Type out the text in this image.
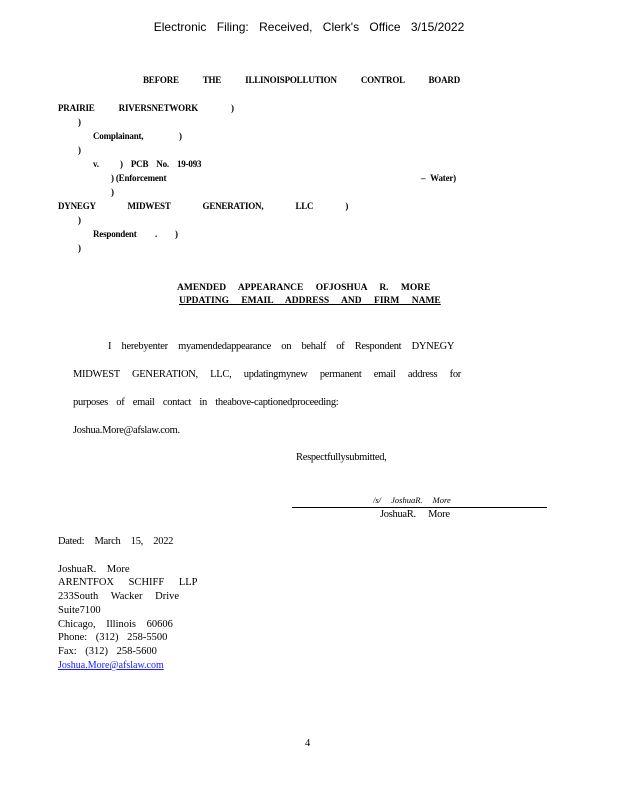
Electronic Filing: Received, Clerk's Office 3/15/2022
BEFORE THE ILLINOISPOLLUTION CONTROL BOARD
PRAIRIE RIVERSNETWORK	)
)
Complainant,	)
)
v. ) PCB No. 19-093
) (Enforcement	– Water)
)
DYNEGY MIDWEST GENERATION, LLC )
)
Respondent . )
)
AMENDED APPEARANCE OFJOSHUA R. MORE
UPDATING EMAIL ADDRESS AND FIRM NAME
I herebyenter myamendedappearance on behalf of Respondent DYNEGY
MIDWEST GENERATION, LLC, updatingmynew permanent email address for
purposes of email contact in theabove-captionedproceeding:
Joshua.More@afslaw.com.
Respectfullysubmitted,
/s/ JoshuaR. More
JoshuaR. More
Dated: March 15, 2022
JoshuaR. More
ARENTFOX SCHIFF LLP
233South Wacker Drive
Suite7100
Chicago, Illinois 60606
Phone: (312) 258-5500
Fax: (312) 258-5600
Joshua.More@afslaw.com
4
